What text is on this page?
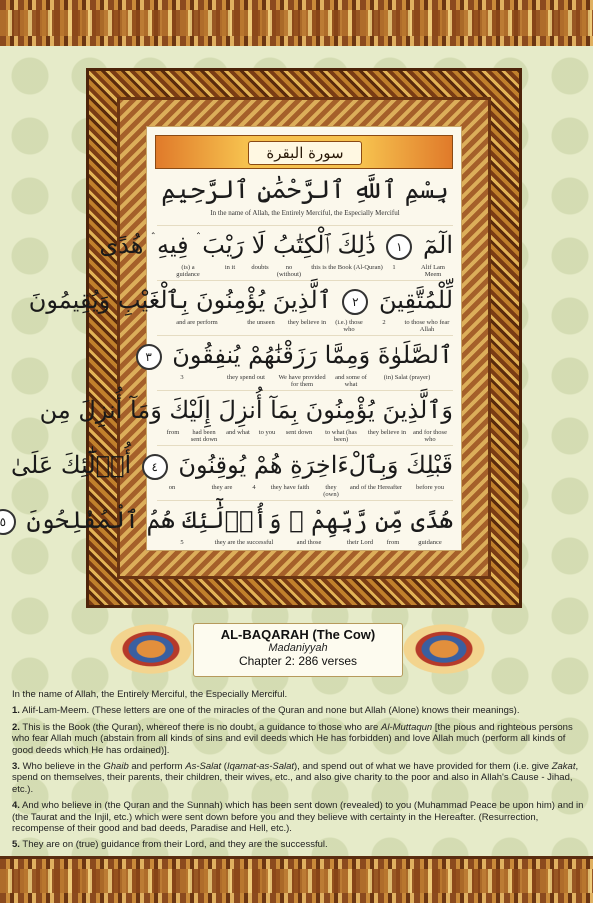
سورة البقرة
بِسْمِ ٱللَّهِ ٱلرَّحْمَٰنِ ٱلرَّحِيمِ
In the name of Allah, the Entirely Merciful, the Especially Merciful
الٓمٓ ١ ذَٰلِكَ ٱلْكِتَٰبُ لَا رَيْبَ ۛ فِيهِ ۛ هُدًى
Alif Lam Meem
1
this is the Book (Al-Quran)
no (without)
doubts
in it
(is) a guidance
لِّلْمُتَّقِينَ ٢ ٱلَّذِينَ يُؤْمِنُونَ بِٱلْغَيْبِ وَيُقِيمُونَ
to those who fear Allah
2
(i.e.) those who
they believe in
the unseen
and are perform
ٱلصَّلَوٰةَ وَمِمَّا رَزَقْنَٰهُمْ يُنفِقُونَ ٣
(in) Salat (prayer)
and some of what
We have provided for them
they spend out
3
وَٱلَّذِينَ يُؤْمِنُونَ بِمَآ أُنزِلَ إِلَيْكَ وَمَآ أُنزِلَ مِن
and for those who
they believe in
to what (has been)
sent down
to you
and what
had been sent down
from
قَبْلِكَ وَبِٱلْءَاخِرَةِ هُمْ يُوقِنُونَ ٤ أُو۟لَٰٓئِكَ عَلَىٰ
before you
and of the Hereafter
they (own)
they have faith
4
they are
on
هُدًى مِّن رَّبِّهِمْ ۖ وَأُو۟لَٰٓئِكَ هُمُ ٱلْمُفْلِحُونَ ٥
guidance
from
their Lord
and those
they are the successful
5
AL-BAQARAH (The Cow)
Madaniyyah
Chapter 2: 286 verses

In the name of Allah, the Entirely Merciful, the Especially Merciful.

1. Alif-Lam-Meem. (These letters are one of the miracles of the Quran and none but Allah (Alone) knows their meanings).

2. This is the Book (the Quran), whereof there is no doubt, a guidance to those who are Al-Muttaqun [the pious and righteous persons who fear Allah much (abstain from all kinds of sins and evil deeds which He has forbidden) and love Allah much (perform all kinds of good deeds which He has ordained)].

3. Who believe in the Ghaib and perform As-Salat (Iqamat-as-Salat), and spend out of what we have provided for them (i.e. give Zakat, spend on themselves, their parents, their children, their wives, etc., and also give charity to the poor and also in Allah's Cause - Jihad, etc.).

4. And who believe in (the Quran and the Sunnah) which has been sent down (revealed) to you (Muhammad Peace be upon him) and in (the Taurat and the Injil, etc.) which were sent down before you and they believe with certainty in the Hereafter. (Resurrection, recompense of their good and bad deeds, Paradise and Hell, etc.).

5. They are on (true) guidance from their Lord, and they are the successful.
